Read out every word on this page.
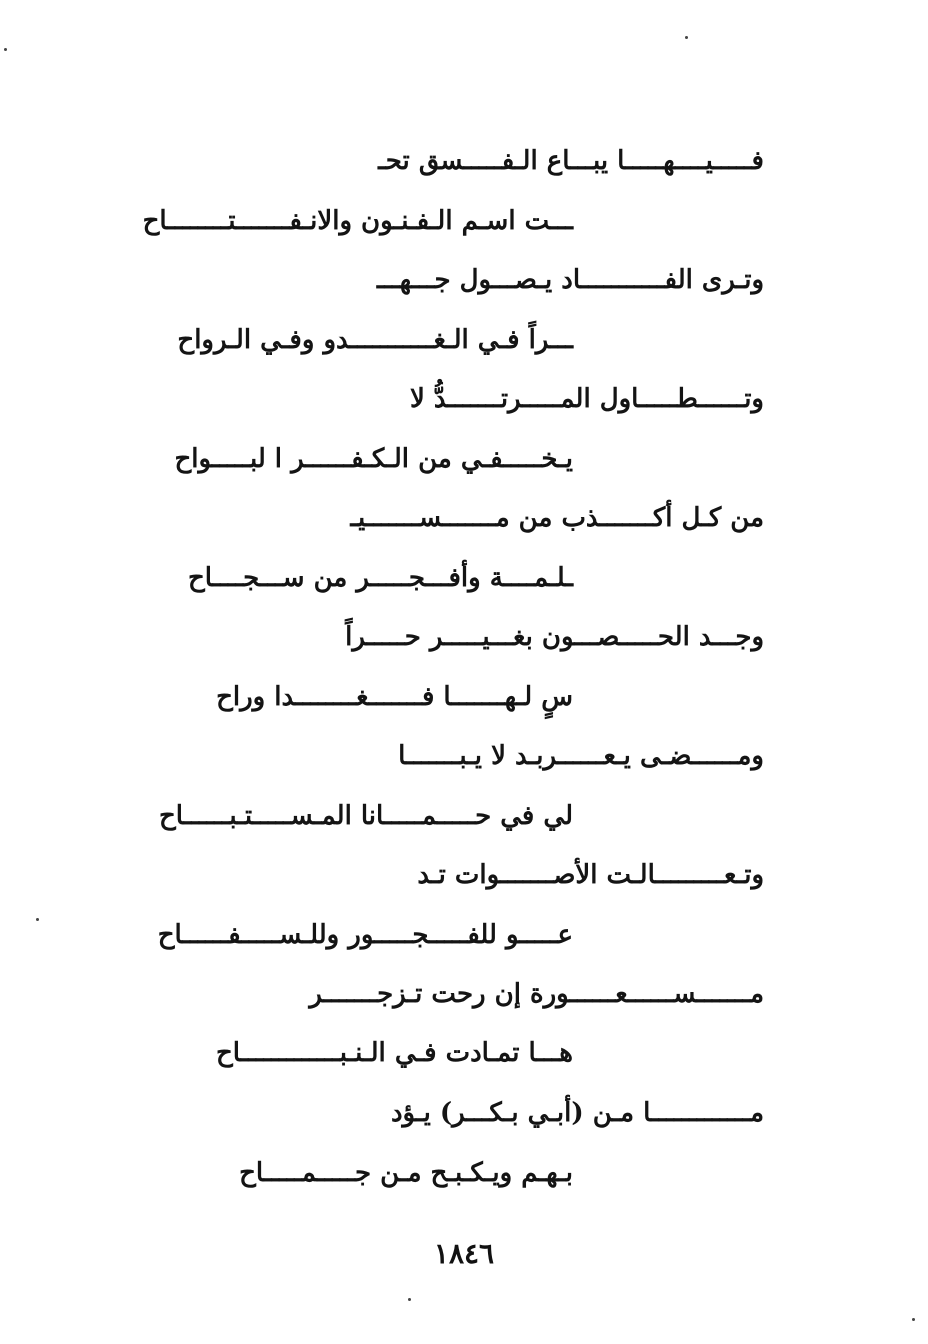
فـــــيــــهـــــا يبـــاع الـفـــــسق تحـ
ـــت اسـم الـفـنـون والانـفـــــــتــــــــاح
وتـرى الفـــــــــــاد يـصـــول جـــهـــ
ـــراً فـي الـغـــــــــــدو وفـي الـرواح
وتــــــطـــــاول المـــــرتـــــــدُّ لا
يـخـــــفـي من الـكـفــــــر ا لبـــــواح
من كـل أكـــــــذب من مـــــــســـــــيـ
ـلـمــــة وأفـــجـــــر من ســـجــــاح
وجـــد الحـــــصـــون بغـــيـــــر حـــــراً
سٍ لـهـــــــا فـــــــغــــــــدا وراح
ومــــــضـى يـعــــــربـد لا يـبـــــــا
لي في حـــــمـــــانا المـســـــتـبــــــاح
وتـعـــــــــالـت الأصـــــــوات تـد
عـــــو للفـــــجـــــور وللـســـــفــــــاح
مـــــــســــــعــــــورة إن رحت تـزجـــــــر
هـــا تمـادت فـي الـنـبـــــــــــــاح
مـــــــــــــا مـن (أبـي بـكـــر) يـؤد
بـهـم ويـكـبـح مـن جـــــمـــــاح
١٨٤٦
